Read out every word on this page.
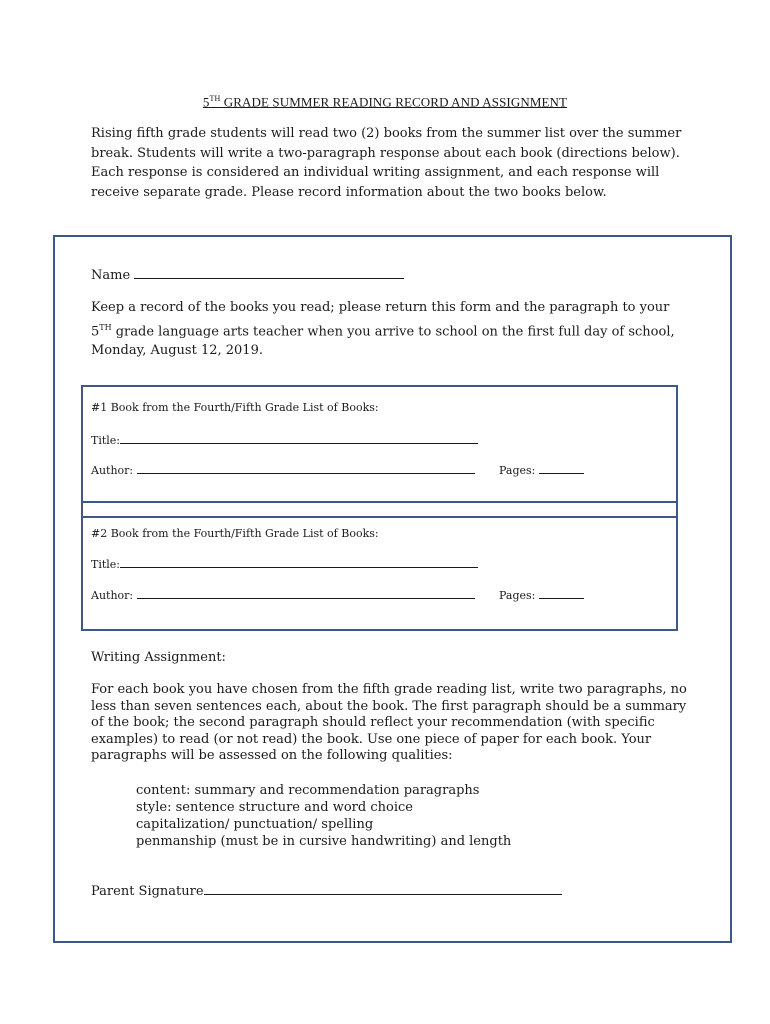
5TH GRADE SUMMER READING RECORD AND ASSIGNMENT
Rising fifth grade students will read two (2) books from the summer list over the summer break. Students will write a two-paragraph response about each book (directions below). Each response is considered an individual writing assignment, and each response will receive separate grade. Please record information about the two books below.
Name
Keep a record of the books you read; please return this form and the paragraph to your 5TH grade language arts teacher when you arrive to school on the first full day of school, Monday, August 12, 2019.
#1 Book from the Fourth/Fifth Grade List of Books:
Title:
Author:	Pages:
#2 Book from the Fourth/Fifth Grade List of Books:
Title:
Author:	Pages:
Writing Assignment:
For each book you have chosen from the fifth grade reading list, write two paragraphs, no less than seven sentences each, about the book. The first paragraph should be a summary of the book; the second paragraph should reflect your recommendation (with specific examples) to read (or not read) the book. Use one piece of paper for each book. Your paragraphs will be assessed on the following qualities:
content: summary and recommendation paragraphs
style: sentence structure and word choice
capitalization/ punctuation/ spelling
penmanship (must be in cursive handwriting) and length
Parent Signature
